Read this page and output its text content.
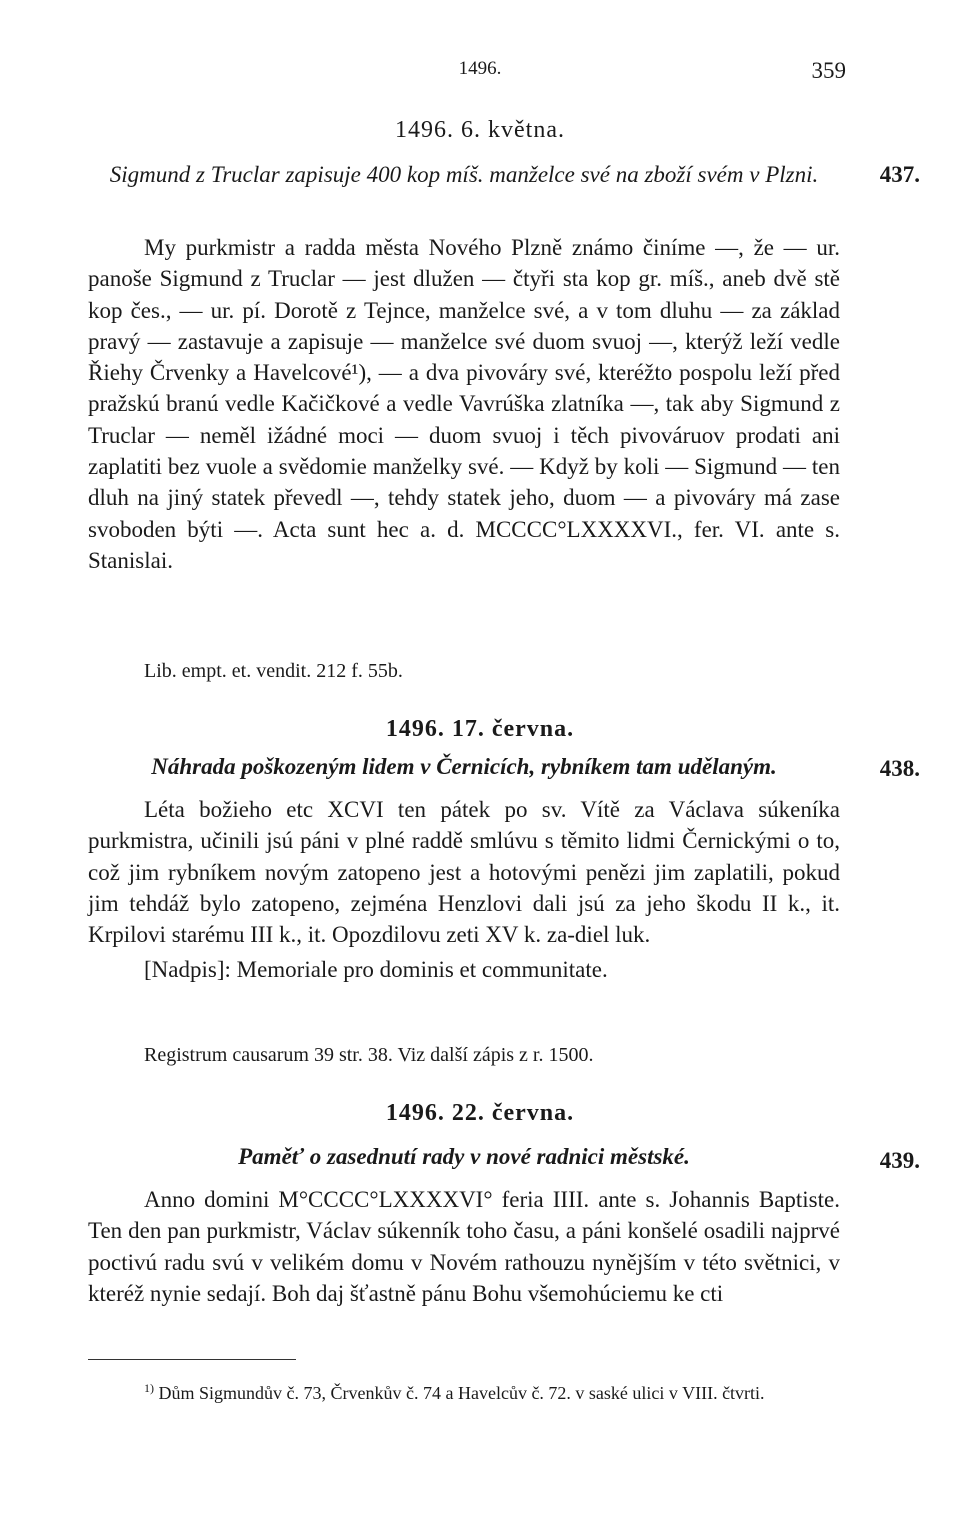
1496.	359
1496. 6. května.
Sigmund z Truclar zapisuje 400 kop míš. manželce své na zboží svém v Plzni.	437.

My purkmistr a radda města Nového Plzně známo činíme —, že — ur. panoše Sigmund z Truclar — jest dlužen — čtyři sta kop gr. míš., aneb dvě stě kop čes., — ur. pí. Dorotě z Tejnce, manželce své, a v tom dluhu — za základ pravý — zastavuje a zapisuje — manželce své duom svuoj —, kterýž leží vedle Řiehy Črvenky a Havelcové¹), — a dva pivováry své, kteréžto pospolu leží před pražskú branú vedle Kačičkové a vedle Vavrúška zlatníka —, tak aby Sigmund z Truclar — neměl ižádné moci — duom svuoj i těch pivováruov prodati ani zaplatiti bez vuole a svědomie manželky své. — Když by koli — Sigmund — ten dluh na jiný statek převedl —, tehdy statek jeho, duom — a pivováry má zase svoboden býti —. Acta sunt hec a. d. MCCCC°LXXXXVI., fer. VI. ante s. Stanislai.

Lib. empt. et. vendit. 212 f. 55b.
1496. 17. června.
Náhrada poškozeným lidem v Černicích, rybníkem tam udělaným.	438.

Léta božieho etc XCVI ten pátek po sv. Vítě za Václava súkeníka purkmistra, učinili jsú páni v plné raddě smlúvu s těmito lidmi Černickými o to, což jim rybníkem novým zatopeno jest a hotovými penězi jim zaplatili, pokud jim tehdáž bylo zatopeno, zejména Henzlovi dali jsú za jeho škodu II k., it. Krpilovi starému III k., it. Opozdilovu zeti XV k. za-diel luk.

[Nadpis]: Memoriale pro dominis et communitate.

Registrum causarum 39 str. 38. Viz další zápis z r. 1500.
1496. 22. června.
Paměť o zasednutí rady v nové radnici městské.	439.

Anno domini M°CCCC°LXXXXVI° feria IIII. ante s. Johannis Baptiste. Ten den pan purkmistr, Václav súkenník toho času, a páni konšelé osadili najprvé poctivú radu svú v velikém domu v Novém rathouzu nynějším v této světnici, v kteréž nynie sedají. Boh daj šťastně pánu Bohu všemohúciemu ke cti

$^{1)}$ Dům Sigmundův č. 73, Črvenkův č. 74 a Havelcův č. 72. v saské ulici v VIII. čtvrti.
